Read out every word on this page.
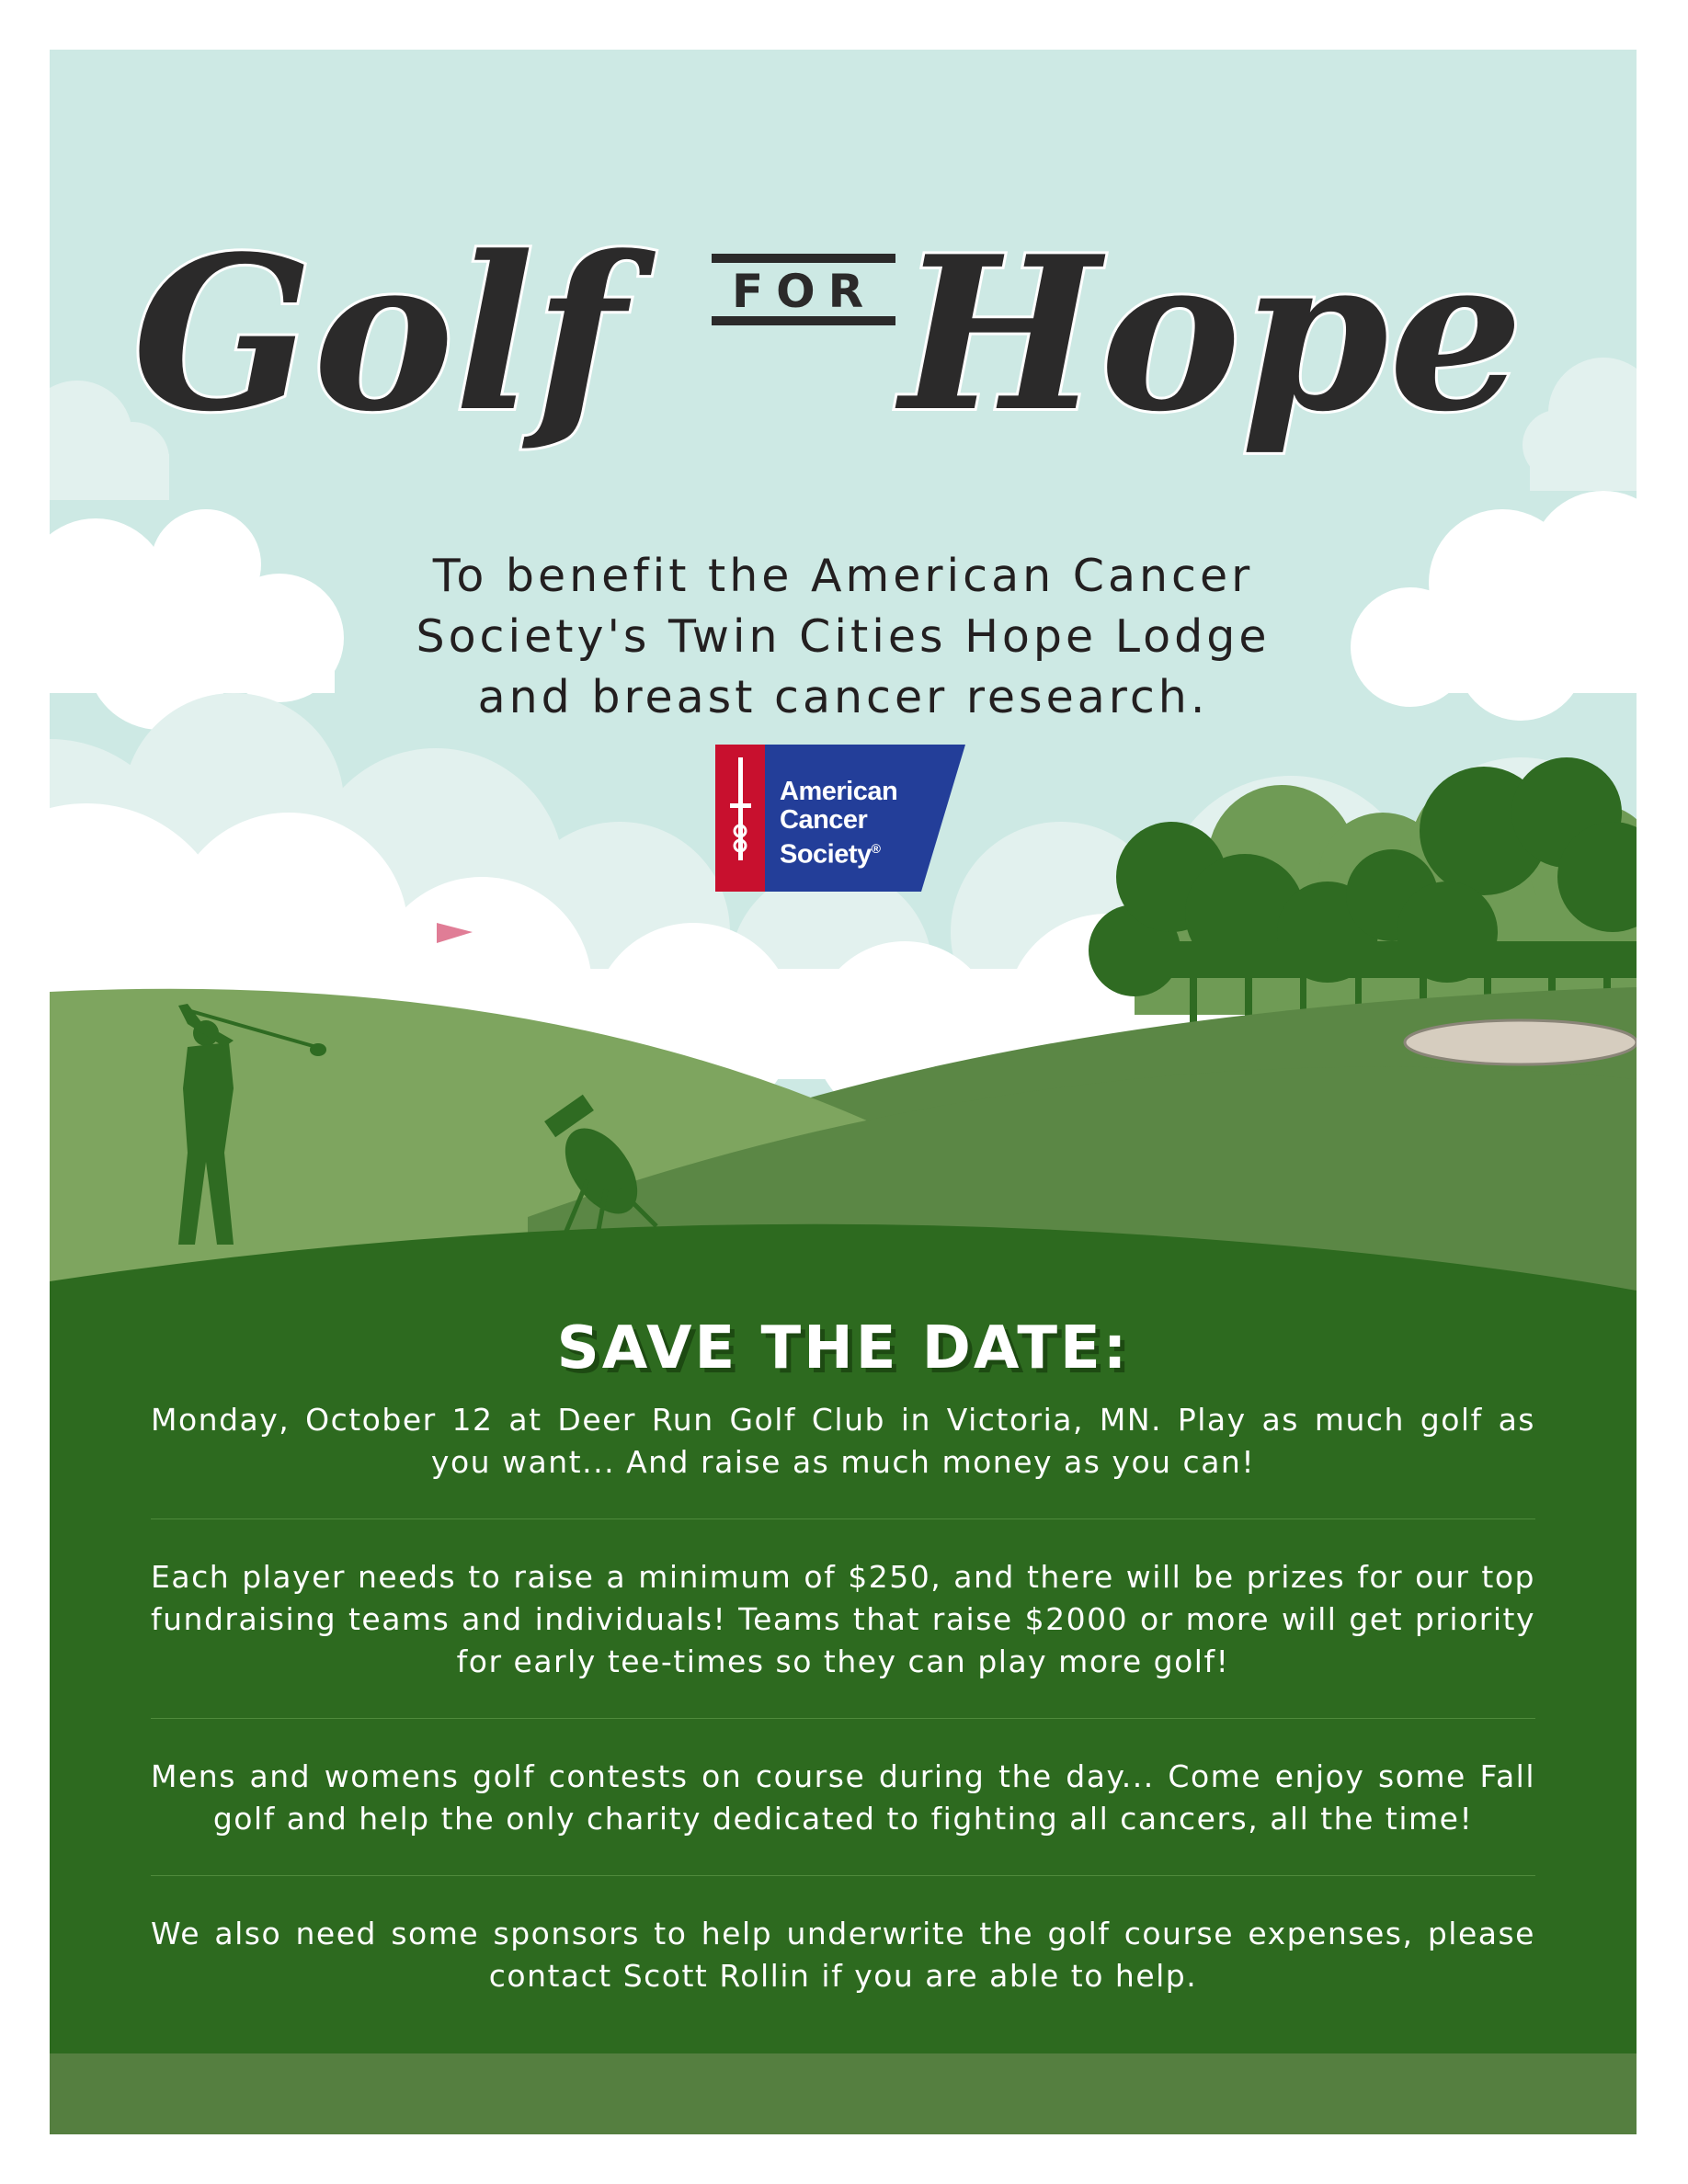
Golf	FOR Hope

To benefit the American Cancer
Society's Twin Cities Hope Lodge
and breast cancer research.

American
Cancer
Society®
SAVE THE DATE:

Monday, October 12 at Deer Run Golf Club in Victoria, MN. Play as much golf as you want... And raise as much money as you can!

Each player needs to raise a minimum of $250, and there will be prizes for our top fundraising teams and individuals! Teams that raise $2000 or more will get priority for early tee-times so they can play more golf!

Mens and womens golf contests on course during the day... Come enjoy some Fall golf and help the only charity dedicated to fighting all cancers, all the time!

We also need some sponsors to help underwrite the golf course expenses, please contact Scott Rollin if you are able to help.
